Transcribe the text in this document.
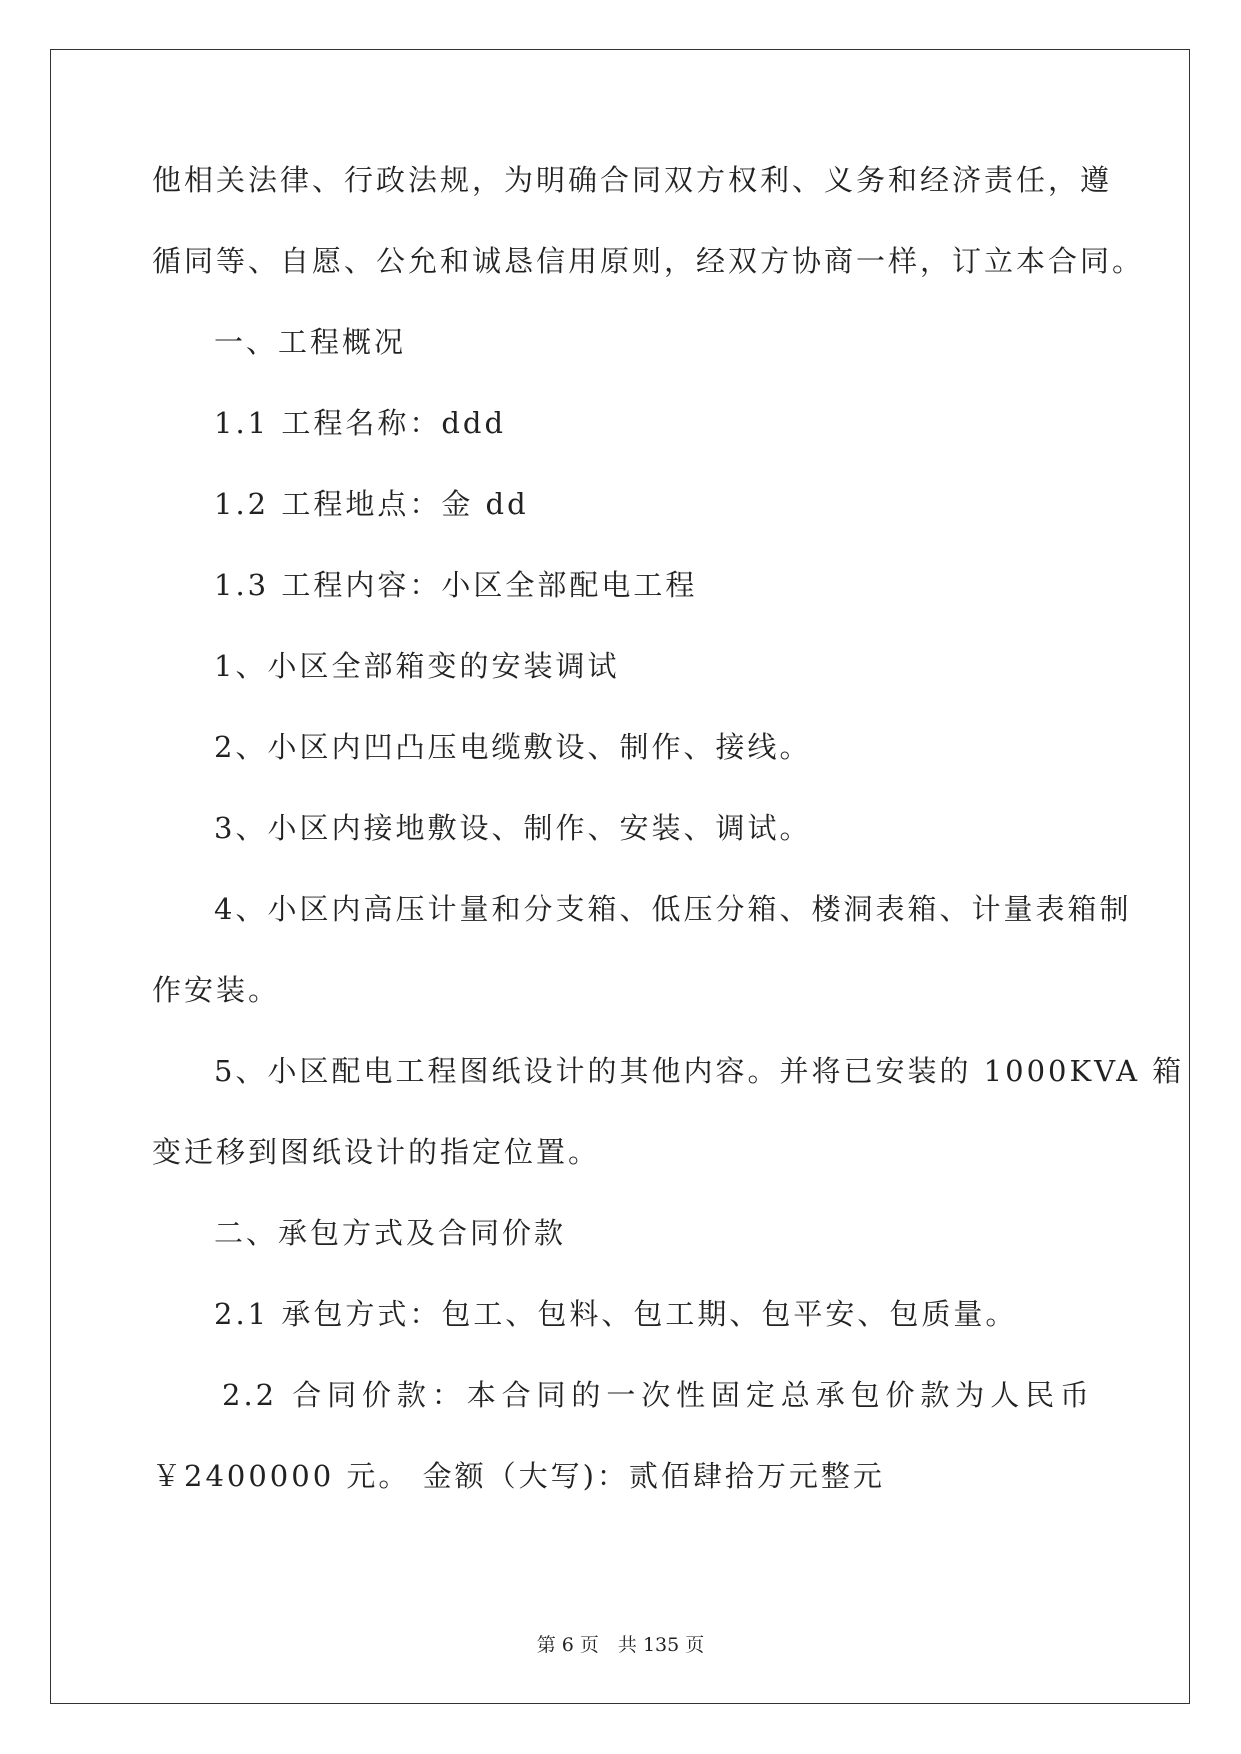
他相关法律、行政法规，为明确合同双方权利、义务和经济责任，遵
循同等、自愿、公允和诚恳信用原则，经双方协商一样，订立本合同。
一、工程概况
1.1 工程名称：ddd
1.2 工程地点：金 dd
1.3 工程内容：小区全部配电工程
1、小区全部箱变的安装调试
2、小区内凹凸压电缆敷设、制作、接线。
3、小区内接地敷设、制作、安装、调试。
4、小区内高压计量和分支箱、低压分箱、楼洞表箱、计量表箱制
作安装。
5、小区配电工程图纸设计的其他内容。并将已安装的 1000KVA 箱
变迁移到图纸设计的指定位置。
二、承包方式及合同价款
2.1 承包方式：包工、包料、包工期、包平安、包质量。
2.2 合同价款：本合同的一次性固定总承包价款为人民币
￥2400000 元。 金额（大写)：贰佰肆拾万元整元
第 6 页　共 135 页
